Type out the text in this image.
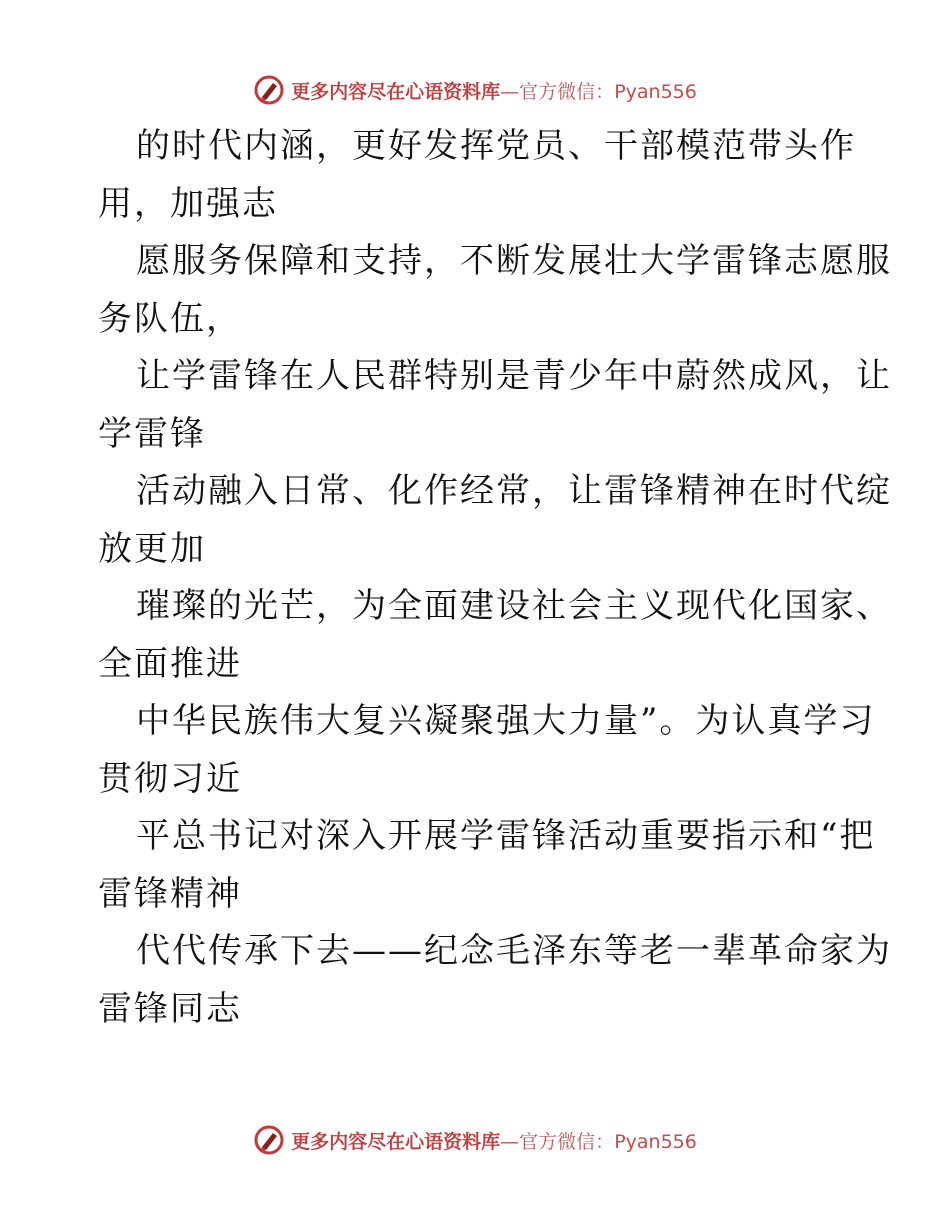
更多内容尽在心语资料库—官方微信：Pyan556
的时代内涵，更好发挥党员、干部模范带头作
用，加强志
愿服务保障和支持，不断发展壮大学雷锋志愿服
务队伍，
让学雷锋在人民群特别是青少年中蔚然成风，让
学雷锋
活动融入日常、化作经常，让雷锋精神在时代绽
放更加
璀璨的光芒，为全面建设社会主义现代化国家、
全面推进
中华民族伟大复兴凝聚强大力量”。为认真学习
贯彻习近
平总书记对深入开展学雷锋活动重要指示和“把
雷锋精神
代代传承下去——纪念毛泽东等老一辈革命家为
雷锋同志
更多内容尽在心语资料库—官方微信：Pyan556
